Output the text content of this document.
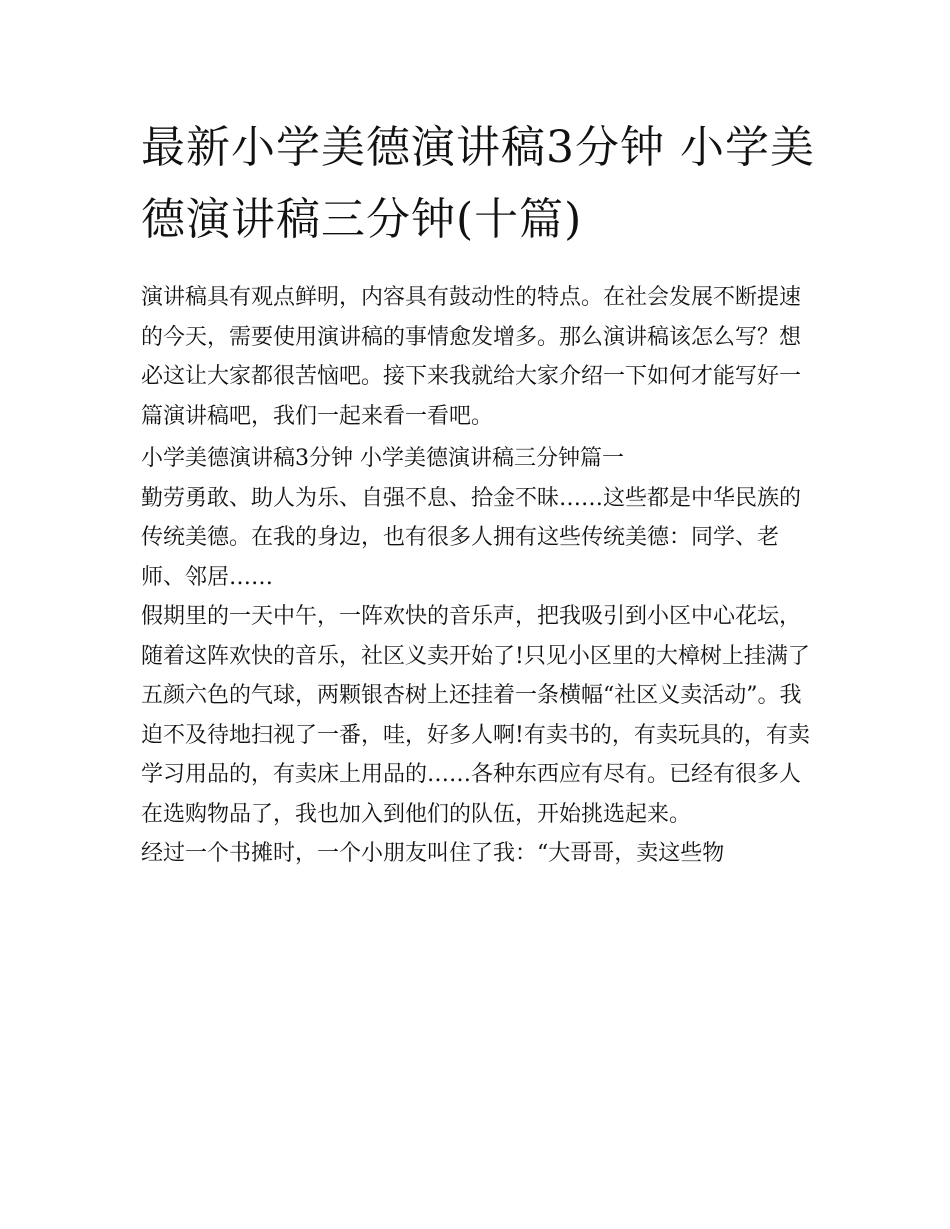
最新小学美德演讲稿3分钟 小学美德演讲稿三分钟(十篇)

演讲稿具有观点鲜明，内容具有鼓动性的特点。在社会发展不断提速的今天，需要使用演讲稿的事情愈发增多。那么演讲稿该怎么写？想必这让大家都很苦恼吧。接下来我就给大家介绍一下如何才能写好一篇演讲稿吧，我们一起来看一看吧。

小学美德演讲稿3分钟 小学美德演讲稿三分钟篇一

勤劳勇敢、助人为乐、自强不息、拾金不昧……这些都是中华民族的传统美德。在我的身边，也有很多人拥有这些传统美德：同学、老师、邻居……

假期里的一天中午，一阵欢快的音乐声，把我吸引到小区中心花坛，随着这阵欢快的音乐，社区义卖开始了!只见小区里的大樟树上挂满了五颜六色的气球，两颗银杏树上还挂着一条横幅“社区义卖活动”。我迫不及待地扫视了一番，哇，好多人啊!有卖书的，有卖玩具的，有卖学习用品的，有卖床上用品的……各种东西应有尽有。已经有很多人在选购物品了，我也加入到他们的队伍，开始挑选起来。

经过一个书摊时，一个小朋友叫住了我：“大哥哥，卖这些物
